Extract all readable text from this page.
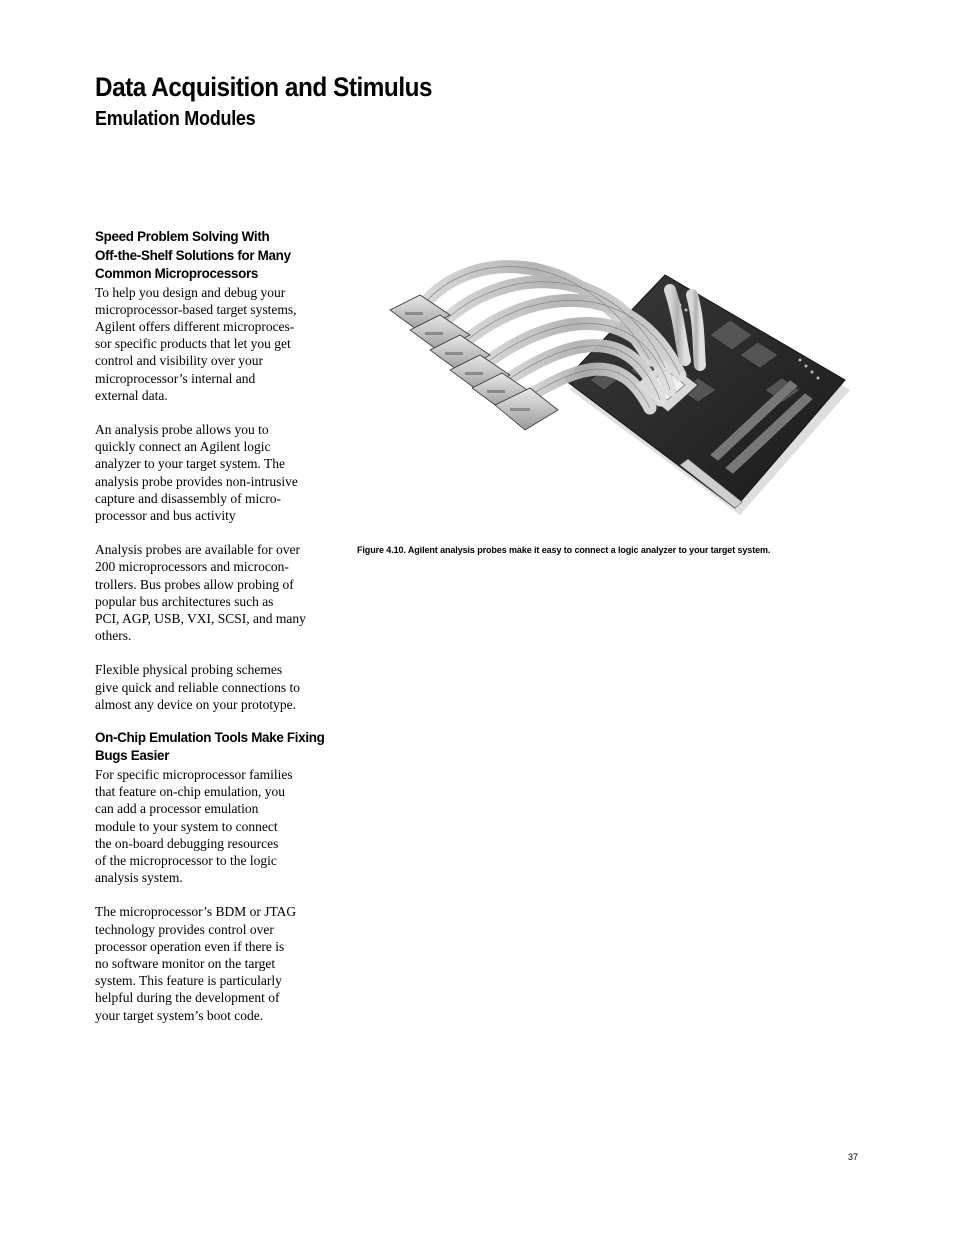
Data Acquisition and Stimulus
Emulation Modules

Speed Problem Solving With
Off-the-Shelf Solutions for Many
Common Microprocessors

To help you design and debug your
microprocessor-based target systems,
Agilent offers different microproces-
sor specific products that let you get
control and visibility over your
microprocessor’s internal and
external data.

An analysis probe allows you to
quickly connect an Agilent logic
analyzer to your target system. The
analysis probe provides non-intrusive
capture and disassembly of micro-
processor and bus activity

Analysis probes are available for over
200 microprocessors and microcon-
trollers. Bus probes allow probing of
popular bus architectures such as
PCI, AGP, USB, VXI, SCSI, and many
others.

Flexible physical probing schemes
give quick and reliable connections to
almost any device on your prototype.

On-Chip Emulation Tools Make Fixing
Bugs Easier

For specific microprocessor families
that feature on-chip emulation, you
can add a processor emulation
module to your system to connect
the on-board debugging resources
of the microprocessor to the logic
analysis system.

The microprocessor’s BDM or JTAG
technology provides control over
processor operation even if there is
no software monitor on the target
system. This feature is particularly
helpful during the development of
your target system’s boot code.

Figure 4.10. Agilent analysis probes make it easy to connect a logic analyzer to your target system.
37
